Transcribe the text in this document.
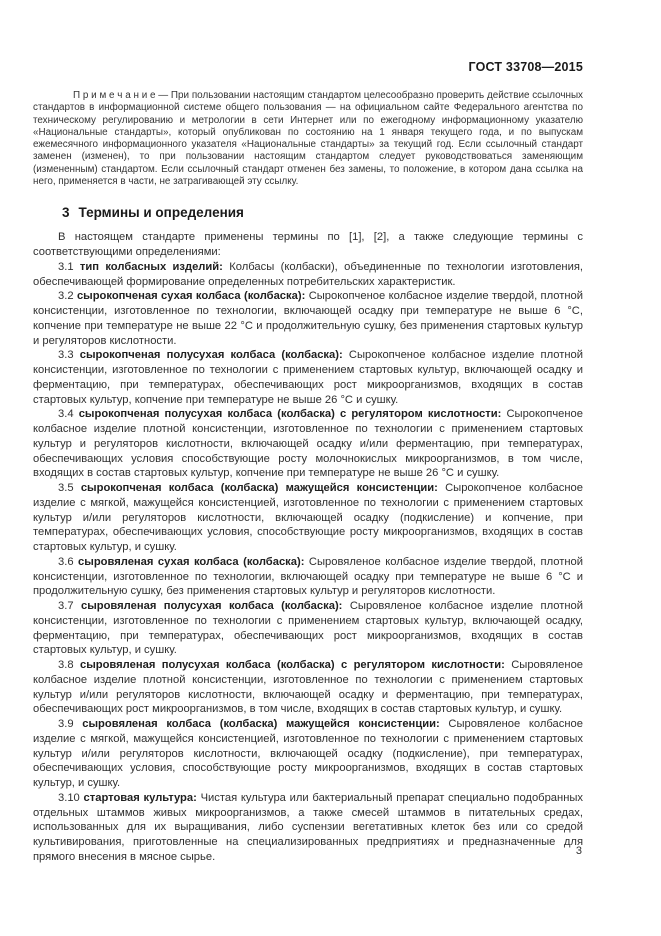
ГОСТ 33708—2015

П р и м е ч а н и е — При пользовании настоящим стандартом целесообразно проверить действие ссылочных стандартов в информационной системе общего пользования — на официальном сайте Федерального агентства по техническому регулированию и метрологии в сети Интернет или по ежегодному информационному указателю «Национальные стандарты», который опубликован по состоянию на 1 января текущего года, и по выпускам ежемесячного информационного указателя «Национальные стандарты» за текущий год. Если ссылочный стандарт заменен (изменен), то при пользовании настоящим стандартом следует руководствоваться заменяющим (измененным) стандартом. Если ссылочный стандарт отменен без замены, то положение, в котором дана ссылка на него, применяется в части, не затрагивающей эту ссылку.

3 Термины и определения

В настоящем стандарте применены термины по [1], [2], а также следующие термины с соответствующими определениями:

3.1 тип колбасных изделий: Колбасы (колбаски), объединенные по технологии изготовления, обеспечивающей формирование определенных потребительских характеристик.

3.2 сырокопченая сухая колбаса (колбаска): Сырокопченое колбасное изделие твердой, плотной консистенции, изготовленное по технологии, включающей осадку при температуре не выше 6 °С, копчение при температуре не выше 22 °С и продолжительную сушку, без применения стартовых культур и регуляторов кислотности.

3.3 сырокопченая полусухая колбаса (колбаска): Сырокопченое колбасное изделие плотной консистенции, изготовленное по технологии с применением стартовых культур, включающей осадку и ферментацию, при температурах, обеспечивающих рост микроорганизмов, входящих в состав стартовых культур, копчение при температуре не выше 26 °С и сушку.

3.4 сырокопченая полусухая колбаса (колбаска) с регулятором кислотности: Сырокопченое колбасное изделие плотной консистенции, изготовленное по технологии с применением стартовых культур и регуляторов кислотности, включающей осадку и/или ферментацию, при температурах, обеспечивающих условия способствующие росту молочнокислых микроорганизмов, в том числе, входящих в состав стартовых культур, копчение при температуре не выше 26 °С и сушку.

3.5 сырокопченая колбаса (колбаска) мажущейся консистенции: Сырокопченое колбасное изделие с мягкой, мажущейся консистенцией, изготовленное по технологии с применением стартовых культур и/или регуляторов кислотности, включающей осадку (подкисление) и копчение, при температурах, обеспечивающих условия, способствующие росту микроорганизмов, входящих в состав стартовых культур, и сушку.

3.6 сыровяленая сухая колбаса (колбаска): Сыровяленое колбасное изделие твердой, плотной консистенции, изготовленное по технологии, включающей осадку при температуре не выше 6 °С и продолжительную сушку, без применения стартовых культур и регуляторов кислотности.

3.7 сыровяленая полусухая колбаса (колбаска): Сыровяленое колбасное изделие плотной консистенции, изготовленное по технологии с применением стартовых культур, включающей осадку, ферментацию, при температурах, обеспечивающих рост микроорганизмов, входящих в состав стартовых культур, и сушку.

3.8 сыровяленая полусухая колбаса (колбаска) с регулятором кислотности: Сыровяленое колбасное изделие плотной консистенции, изготовленное по технологии с применением стартовых культур и/или регуляторов кислотности, включающей осадку и ферментацию, при температурах, обеспечивающих рост микроорганизмов, в том числе, входящих в состав стартовых культур, и сушку.

3.9 сыровяленая колбаса (колбаска) мажущейся консистенции: Сыровяленое колбасное изделие с мягкой, мажущейся консистенцией, изготовленное по технологии с применением стартовых культур и/или регуляторов кислотности, включающей осадку (подкисление), при температурах, обеспечивающих условия, способствующие росту микроорганизмов, входящих в состав стартовых культур, и сушку.

3.10 стартовая культура: Чистая культура или бактериальный препарат специально подобранных отдельных штаммов живых микроорганизмов, а также смесей штаммов в питательных средах, использованных для их выращивания, либо суспензии вегетативных клеток без или со средой культивирования, приготовленные на специализированных предприятиях и предназначенные для прямого внесения в мясное сырье.	3
